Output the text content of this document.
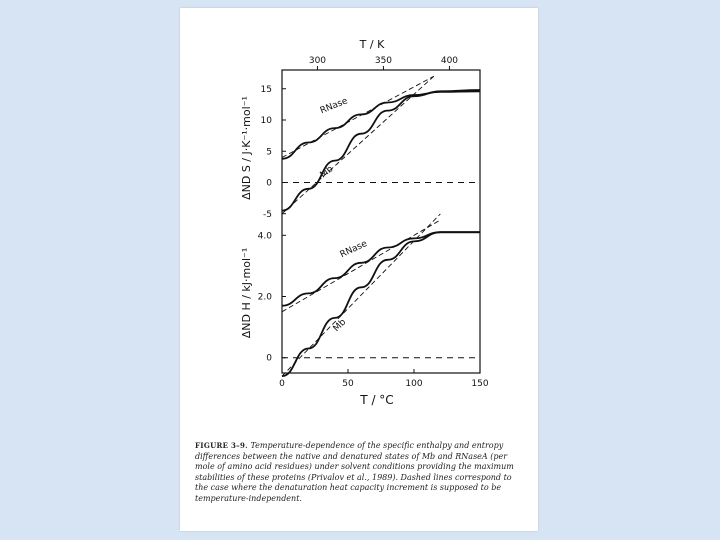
300	350	400
T / K
0	50	100	150
T / °C
15
10
5
0
-5
4.0
2.0
0
ΔND S / J·K⁻¹·mol⁻¹
ΔND H / kJ·mol⁻¹
RNase
Mb
RNase
Mb
FIGURE 3–9. Temperature-dependence of the specific enthalpy and entropy differences between the native and denatured states of Mb and RNaseA (per mole of amino acid residues) under solvent conditions providing the maximum stabilities of these proteins (Privalov et al., 1989). Dashed lines correspond to the case where the denaturation heat capacity increment is supposed to be temperature-independent.
